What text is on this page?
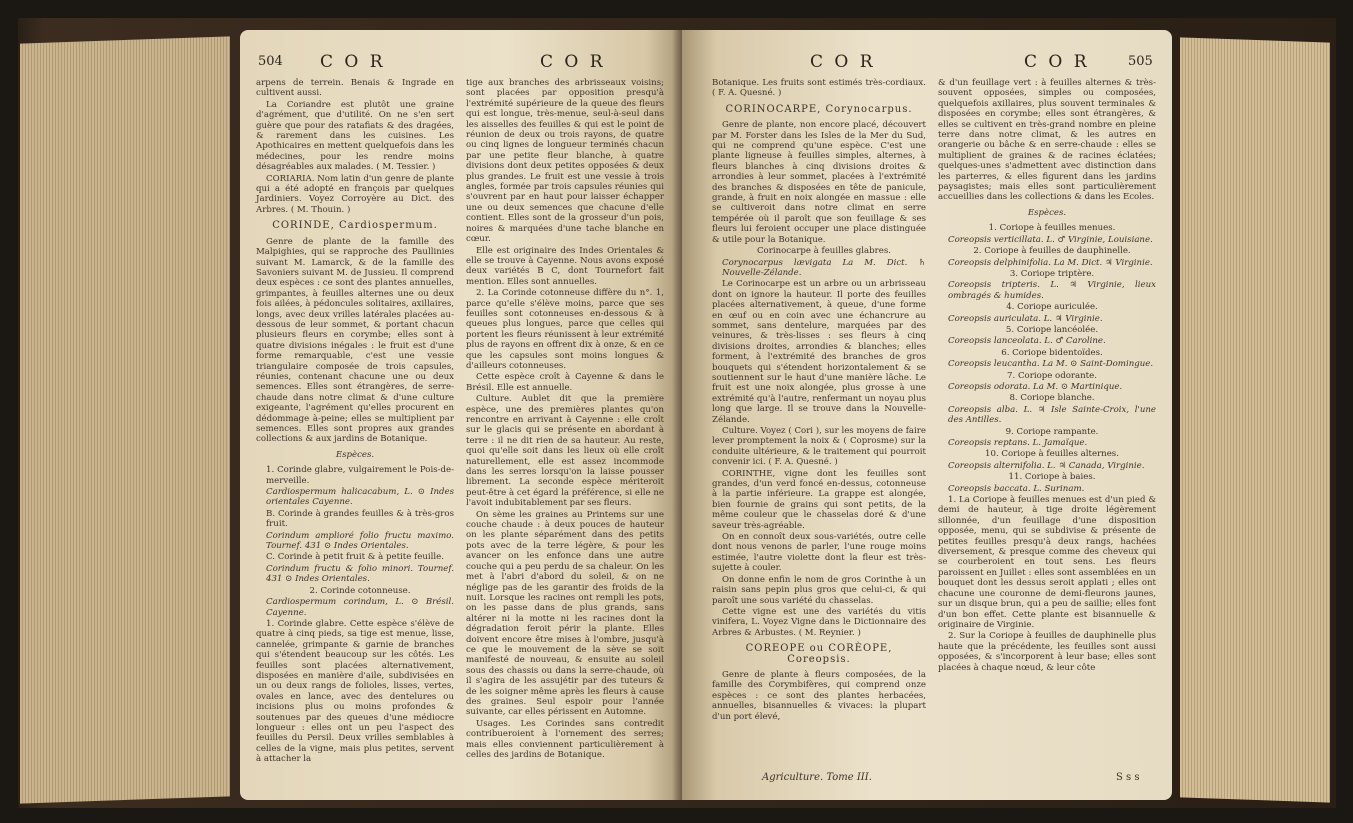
504 C O R	C O R

arpens de terrein. Benais & Ingrade en cultivent aussi.

La Coriandre est plutôt une graine d'agrément, que d'utilité. On ne s'en sert guère que pour des ratafiats & des dragées, & rarement dans les cuisines. Les Apothicaires en mettent quelquefois dans les médecines, pour les rendre moins désagréables aux malades. ( M. Tessier. )

CORIARIA. Nom latin d'un genre de plante qui a été adopté en françois par quelques Jardiniers. Voyez Corroyère au Dict. des Arbres. ( M. Thouin. )

CORINDE, Cardiospermum.

Genre de plante de la famille des Malpighies, qui se rapproche des Paullinies suivant M. Lamarck, & de la famille des Savoniers suivant M. de Jussieu. Il comprend deux espèces : ce sont des plantes annuelles, grimpantes, à feuilles alternes une ou deux fois ailées, à pédoncules solitaires, axillaires, longs, avec deux vrilles latérales placées au-dessous de leur sommet, & portant chacun plusieurs fleurs en corymbe; elles sont à quatre divisions inégales : le fruit est d'une forme remarquable, c'est une vessie triangulaire composée de trois capsules, réunies, contenant chacune une ou deux semences. Elles sont étrangères, de serre-chaude dans notre climat & d'une culture exigeante, l'agrément qu'elles procurent en dédommage à-peine; elles se multiplient par semences. Elles sont propres aux grandes collections & aux jardins de Botanique.

Espèces.

1. Corinde glabre, vulgairement le Pois-de-merveille.

Cardiospermum halicacabum, L. ⊙ Indes orientales Cayenne.

B. Corinde à grandes feuilles & à très-gros fruit.

Corindum amplioré folio fructu maximo. Tournef. 431 ⊙ Indes Orientales.

C. Corinde à petit fruit & à petite feuille.

Corindum fructu & folio minori. Tournef. 431 ⊙ Indes Orientales.

2. Corinde cotonneuse.

Cardiospermum corindum, L. ⊙ Brésil. Cayenne.

1. Corinde glabre. Cette espèce s'élève de quatre à cinq pieds, sa tige est menue, lisse, cannelée, grimpante & garnie de branches qui s'étendent beaucoup sur les côtés. Les feuilles sont placées alternativement, disposées en manière d'aile, subdivisées en un ou deux rangs de folioles, lisses, vertes, ovales en lance, avec des dentelures ou incisions plus ou moins profondes & soutenues par des queues d'une médiocre longueur : elles ont un peu l'aspect des feuilles du Persil. Deux vrilles semblables à celles de la vigne, mais plus petites, servent à attacher la

tige aux branches des arbrisseaux voisins; sont placées par opposition presqu'à l'extrémité supérieure de la queue des fleurs qui est longue, très-menue, seul-à-seul dans les aisselles des feuilles & qui est le point de réunion de deux ou trois rayons, de quatre ou cinq lignes de longueur terminés chacun par une petite fleur blanche, à quatre divisions dont deux petites opposées & deux plus grandes. Le fruit est une vessie à trois angles, formée par trois capsules réunies qui s'ouvrent par en haut pour laisser échapper une ou deux semences que chacune d'elle contient. Elles sont de la grosseur d'un pois, noires & marquées d'une tache blanche en cœur.

Elle est originaire des Indes Orientales & elle se trouve à Cayenne. Nous avons exposé deux variétés B C, dont Tournefort fait mention. Elles sont annuelles.

2. La Corinde cotonneuse diffère du n°. 1, parce qu'elle s'élève moins, parce que ses feuilles sont cotonneuses en-dessous & à queues plus longues, parce que celles qui portent les fleurs réunissent à leur extrémité plus de rayons en offrent dix à onze, & en ce que les capsules sont moins longues & d'ailleurs cotonneuses.

Cette espèce croît à Cayenne & dans le Brésil. Elle est annuelle.

Culture. Aublet dit que la première espèce, une des premières plantes qu'on rencontre en arrivant à Cayenne : elle croît sur le glacis qui se présente en abordant à terre : il ne dit rien de sa hauteur. Au reste, quoi qu'elle soit dans les lieux où elle croît naturellement, elle est assez incommode dans les serres lorsqu'on la laisse pousser librement. La seconde espèce mériteroit peut-être à cet égard la préférence, si elle ne l'avoit indubitablement par ses fleurs.

On sème les graines au Printems sur une couche chaude : à deux pouces de hauteur on les plante séparément dans des petits pots avec de la terre légère, & pour les avancer on les enfonce dans une autre couche qui a peu perdu de sa chaleur. On les met à l'abri d'abord du soleil, & on ne néglige pas de les garantir des froids de la nuit. Lorsque les racines ont rempli les pots, on les passe dans de plus grands, sans altérer ni la motte ni les racines dont la dégradation feroit périr la plante. Elles doivent encore être mises à l'ombre, jusqu'à ce que le mouvement de la sève se soit manifesté de nouveau, & ensuite au soleil sous des chassis ou dans la serre-chaude, où il s'agira de les assujétir par des tuteurs & de les soigner même après les fleurs à cause des graines. Seul espoir pour l'année suivante, car elles périssent en Automne.

Usages. Les Corindes sans contredit contribueroient à l'ornement des serres; mais elles conviennent particulièrement à celles des jardins de Botanique.

C O R	C O R	505

Botanique. Les fruits sont estimés très-cordiaux. ( F. A. Quesné. )

CORINOCARPE, Corynocarpus.

Genre de plante, non encore placé, découvert par M. Forster dans les Isles de la Mer du Sud, qui ne comprend qu'une espèce. C'est une plante ligneuse à feuilles simples, alternes, à fleurs blanches à cinq divisions droites & arrondies à leur sommet, placées à l'extrémité des branches & disposées en tête de panicule, grande, à fruit en noix alongée en massue : elle se cultiveroit dans notre climat en serre tempérée où il paroît que son feuillage & ses fleurs lui feroient occuper une place distinguée & utile pour la Botanique.

Corinocarpe à feuilles glabres.

Corynocarpus lævigata La M. Dict. ♄ Nouvelle-Zélande.

Le Corinocarpe est un arbre ou un arbrisseau dont on ignore la hauteur. Il porte des feuilles placées alternativement, à queue, d'une forme en œuf ou en coin avec une échancrure au sommet, sans dentelure, marquées par des veinures, & très-lisses : ses fleurs à cinq divisions droites, arrondies & blanches; elles forment, à l'extrémité des branches de gros bouquets qui s'étendent horizontalement & se soutiennent sur le haut d'une manière lâche. Le fruit est une noix alongée, plus grosse à une extrémité qu'à l'autre, renfermant un noyau plus long que large. Il se trouve dans la Nouvelle-Zélande.

Culture. Voyez ( Cori ), sur les moyens de faire lever promptement la noix & ( Coprosme) sur la conduite ultérieure, & le traitement qui pourroit convenir ici. ( F. A. Quesné. )

CORINTHE, vigne dont les feuilles sont grandes, d'un verd foncé en-dessus, cotonneuse à la partie inférieure. La grappe est alongée, bien fournie de grains qui sont petits, de la même couleur que le chasselas doré & d'une saveur très-agréable.

On en connoît deux sous-variétés, outre celle dont nous venons de parler, l'une rouge moins estimée, l'autre violette dont la fleur est très-sujette à couler.

On donne enfin le nom de gros Corinthe à un raisin sans pepin plus gros que celui-ci, & qui paroît une sous variété du chasselas.

Cette vigne est une des variétés du vitis vinifera, L. Voyez Vigne dans le Dictionnaire des Arbres & Arbustes. ( M. Reynier. )

COREOPE ou CORÈOPE, Coreopsis.

Genre de plante à fleurs composées, de la famille des Corymbifères, qui comprend onze espèces : ce sont des plantes herbacées, annuelles, bisannuelles & vivaces: la plupart d'un port élevé,

Agriculture. Tome III.

& d'un feuillage vert : à feuilles alternes & très-souvent opposées, simples ou composées, quelquefois axillaires, plus souvent terminales & disposées en corymbe; elles sont étrangères, & elles se cultivent en très-grand nombre en pleine terre dans notre climat, & les autres en orangerie ou bâche & en serre-chaude : elles se multiplient de graines & de racines éclatées; quelques-unes s'admettent avec distinction dans les parterres, & elles figurent dans les jardins paysagistes; mais elles sont particulièrement accueillies dans les collections & dans les Ecoles.

Espèces.

1. Coriope à feuilles menues.

Coreopsis verticillata. L. ♂ Virginie, Louisiane.

2. Coriope à feuilles de dauphinelle.

Coreopsis delphinifolia. La M. Dict. ♃ Virginie.

3. Coriope triptère.

Coreopsis tripteris. L. ♃ Virginie, lieux ombragés & humides.

4. Coriope auriculée.

Coreopsis auriculata. L. ♃ Virginie.

5. Coriope lancéolée.

Coreopsis lanceolata. L. ♂ Caroline.

6. Coriope bidentoïdes.

Coreopsis leucantha. La M. ⊙ Saint-Domingue.

7. Coriope odorante.

Coreopsis odorata. La M. ⊙ Martinique.

8. Coriope blanche.

Coreopsis alba. L. ♃ Isle Sainte-Croix, l'une des Antilles.

9. Coriope rampante.

Coreopsis reptans. L. Jamaïque.

10. Coriope à feuilles alternes.

Coreopsis alternifolia. L. ♃ Canada, Virginie.

11. Coriope à baies.

Coreopsis baccata. L. Surinam.

1. La Coriope à feuilles menues est d'un pied & demi de hauteur, à tige droite légèrement sillonnée, d'un feuillage d'une disposition opposée, menu, qui se subdivise & présente de petites feuilles presqu'à deux rangs, hachées diversement, & presque comme des cheveux qui se courberoient en tout sens. Les fleurs paroissent en Juillet : elles sont assemblées en un bouquet dont les dessus seroit applati ; elles ont chacune une couronne de demi-fleurons jaunes, sur un disque brun, qui a peu de saillie; elles font d'un bon effet. Cette plante est bisannuelle & originaire de Virginie.

2. Sur la Coriope à feuilles de dauphinelle plus haute que la précédente, les feuilles sont aussi opposées, & s'incorporent à leur base; elles sont placées à chaque nœud, & leur côte

S s s
